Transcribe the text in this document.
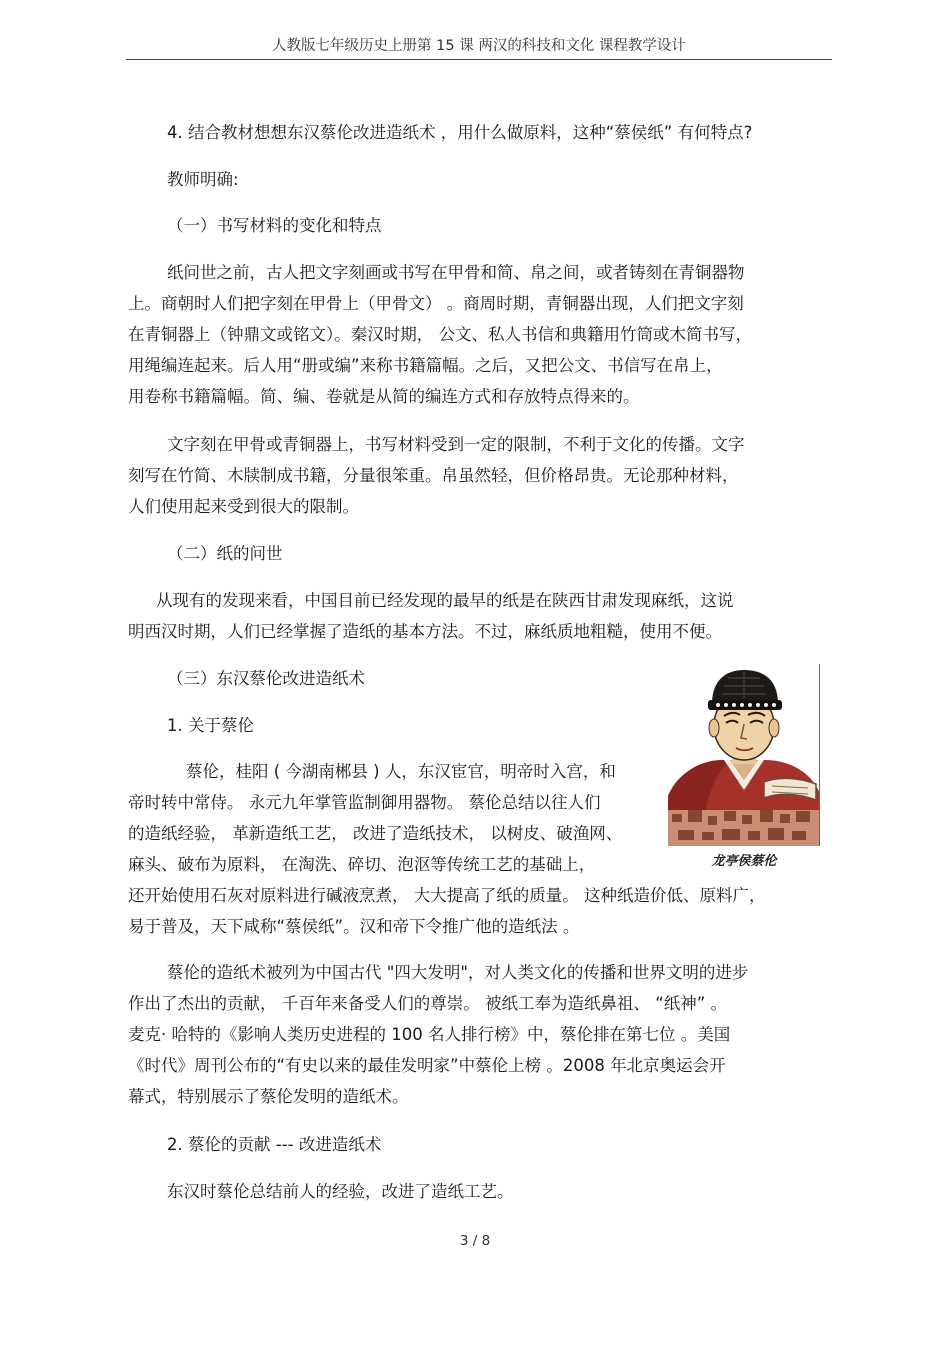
人教版七年级历史上册第 15 课 两汉的科技和文化 课程教学设计
4. 结合教材想想东汉蔡伦改进造纸术 ，用什么做原料，这种“蔡侯纸” 有何特点?
教师明确:
（一）书写材料的变化和特点
纸问世之前，古人把文字刻画或书写在甲骨和简、帛之间，或者铸刻在青铜器物
上。商朝时人们把字刻在甲骨上（甲骨文） 。商周时期，青铜器出现，人们把文字刻
在青铜器上（钟鼎文或铭文）。秦汉时期， 公文、私人书信和典籍用竹筒或木简书写，
用绳编连起来。后人用“册或编”来称书籍篇幅。之后，又把公文、书信写在帛上，
用卷称书籍篇幅。简、编、卷就是从简的编连方式和存放特点得来的。
文字刻在甲骨或青铜器上，书写材料受到一定的限制，不利于文化的传播。文字
刻写在竹简、木牍制成书籍，分量很笨重。帛虽然轻，但价格昂贵。无论那种材料，
人们使用起来受到很大的限制。
（二）纸的问世
从现有的发现来看，中国目前已经发现的最早的纸是在陕西甘肃发现麻纸，这说
明西汉时期，人们已经掌握了造纸的基本方法。不过，麻纸质地粗糙，使用不便。
（三）东汉蔡伦改进造纸术
1. 关于蔡伦
蔡伦，桂阳 ( 今湖南郴县 ) 人，东汉宦官，明帝时入宫，和
帝时转中常侍。 永元九年掌管监制御用器物。 蔡伦总结以往人们
的造纸经验， 革新造纸工艺， 改进了造纸技术， 以树皮、破渔网、
麻头、破布为原料， 在淘洗、碎切、泡沤等传统工艺的基础上，
还开始使用石灰对原料进行碱液烹煮， 大大提高了纸的质量。 这种纸造价低、原料广，
易于普及，天下咸称“蔡侯纸”。汉和帝下令推广他的造纸法 。
蔡伦的造纸术被列为中国古代 "四大发明"，对人类文化的传播和世界文明的进步
作出了杰出的贡献， 千百年来备受人们的尊崇。 被纸工奉为造纸鼻祖、 “纸神” 。
麦克· 哈特的《影响人类历史进程的 100 名人排行榜》中，蔡伦排在第七位 。美国
《时代》周刊公布的“有史以来的最佳发明家”中蔡伦上榜 。2008 年北京奥运会开
幕式，特别展示了蔡伦发明的造纸术。
2. 蔡伦的贡献 --- 改进造纸术
东汉时蔡伦总结前人的经验，改进了造纸工艺。
龙亭侯蔡伦
3 / 8
